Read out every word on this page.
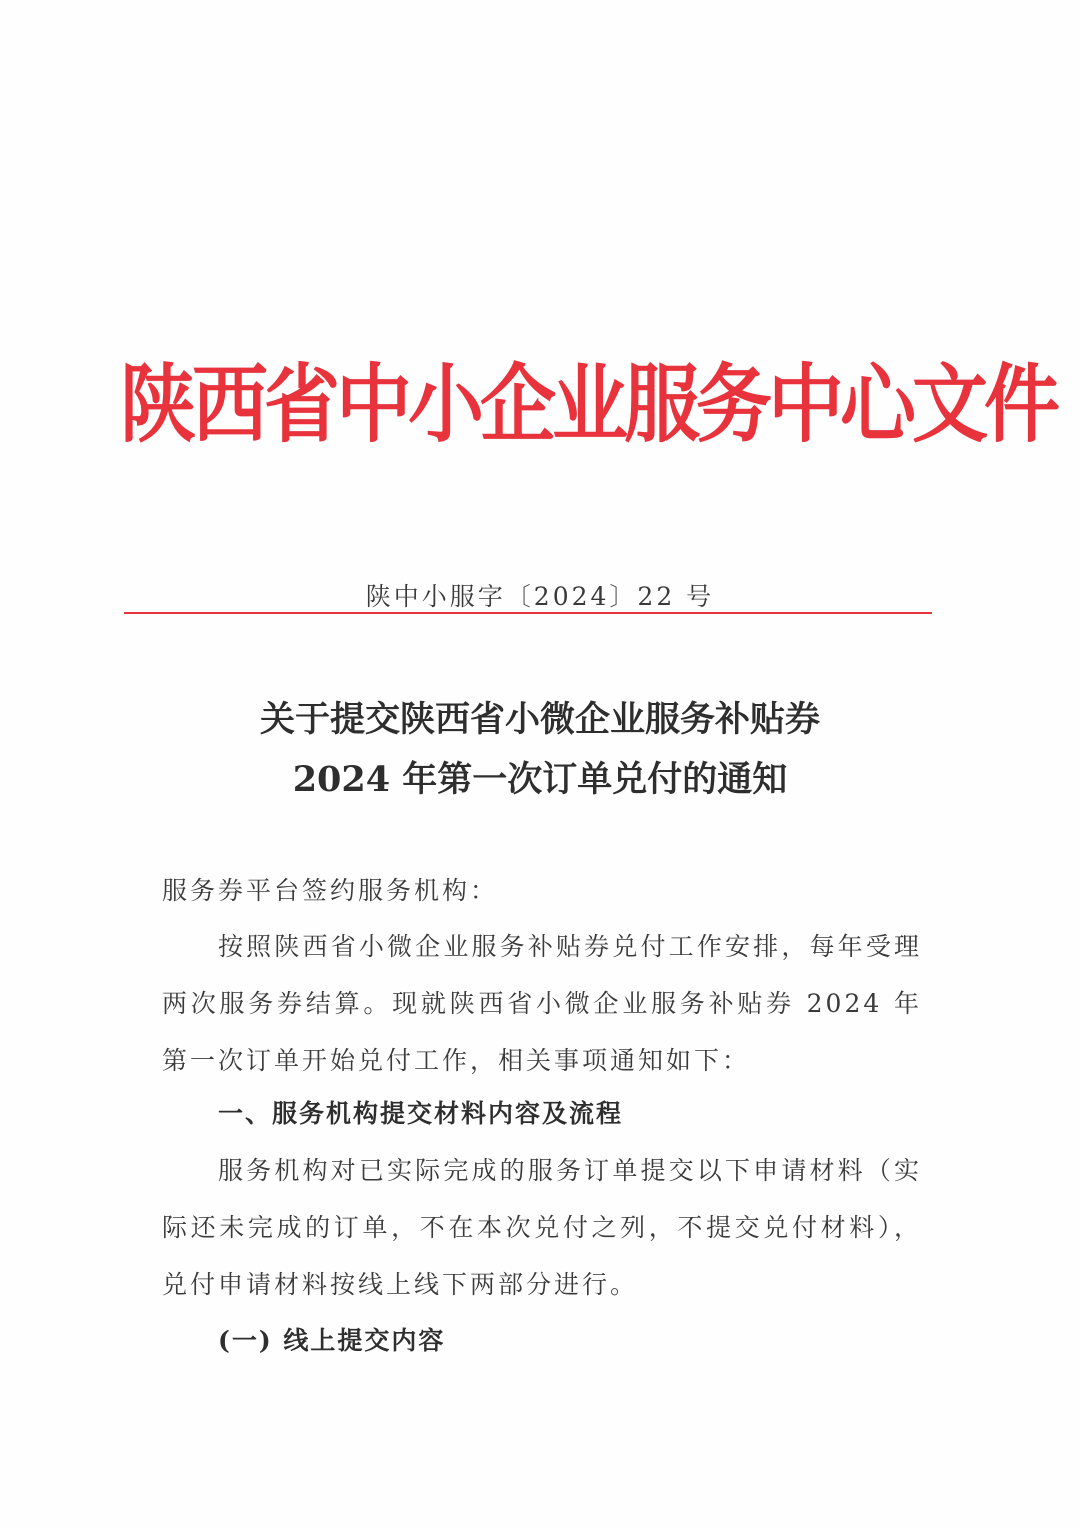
陕西省中小企业服务中心文件
陕中小服字〔2024〕22 号
关于提交陕西省小微企业服务补贴券
2024 年第一次订单兑付的通知
服务券平台签约服务机构：
按照陕西省小微企业服务补贴券兑付工作安排，每年受理两次服务券结算。现就陕西省小微企业服务补贴券 2024 年第一次订单开始兑付工作，相关事项通知如下：
一、服务机构提交材料内容及流程
服务机构对已实际完成的服务订单提交以下申请材料（实际还未完成的订单，不在本次兑付之列，不提交兑付材料），兑付申请材料按线上线下两部分进行。
(一) 线上提交内容
